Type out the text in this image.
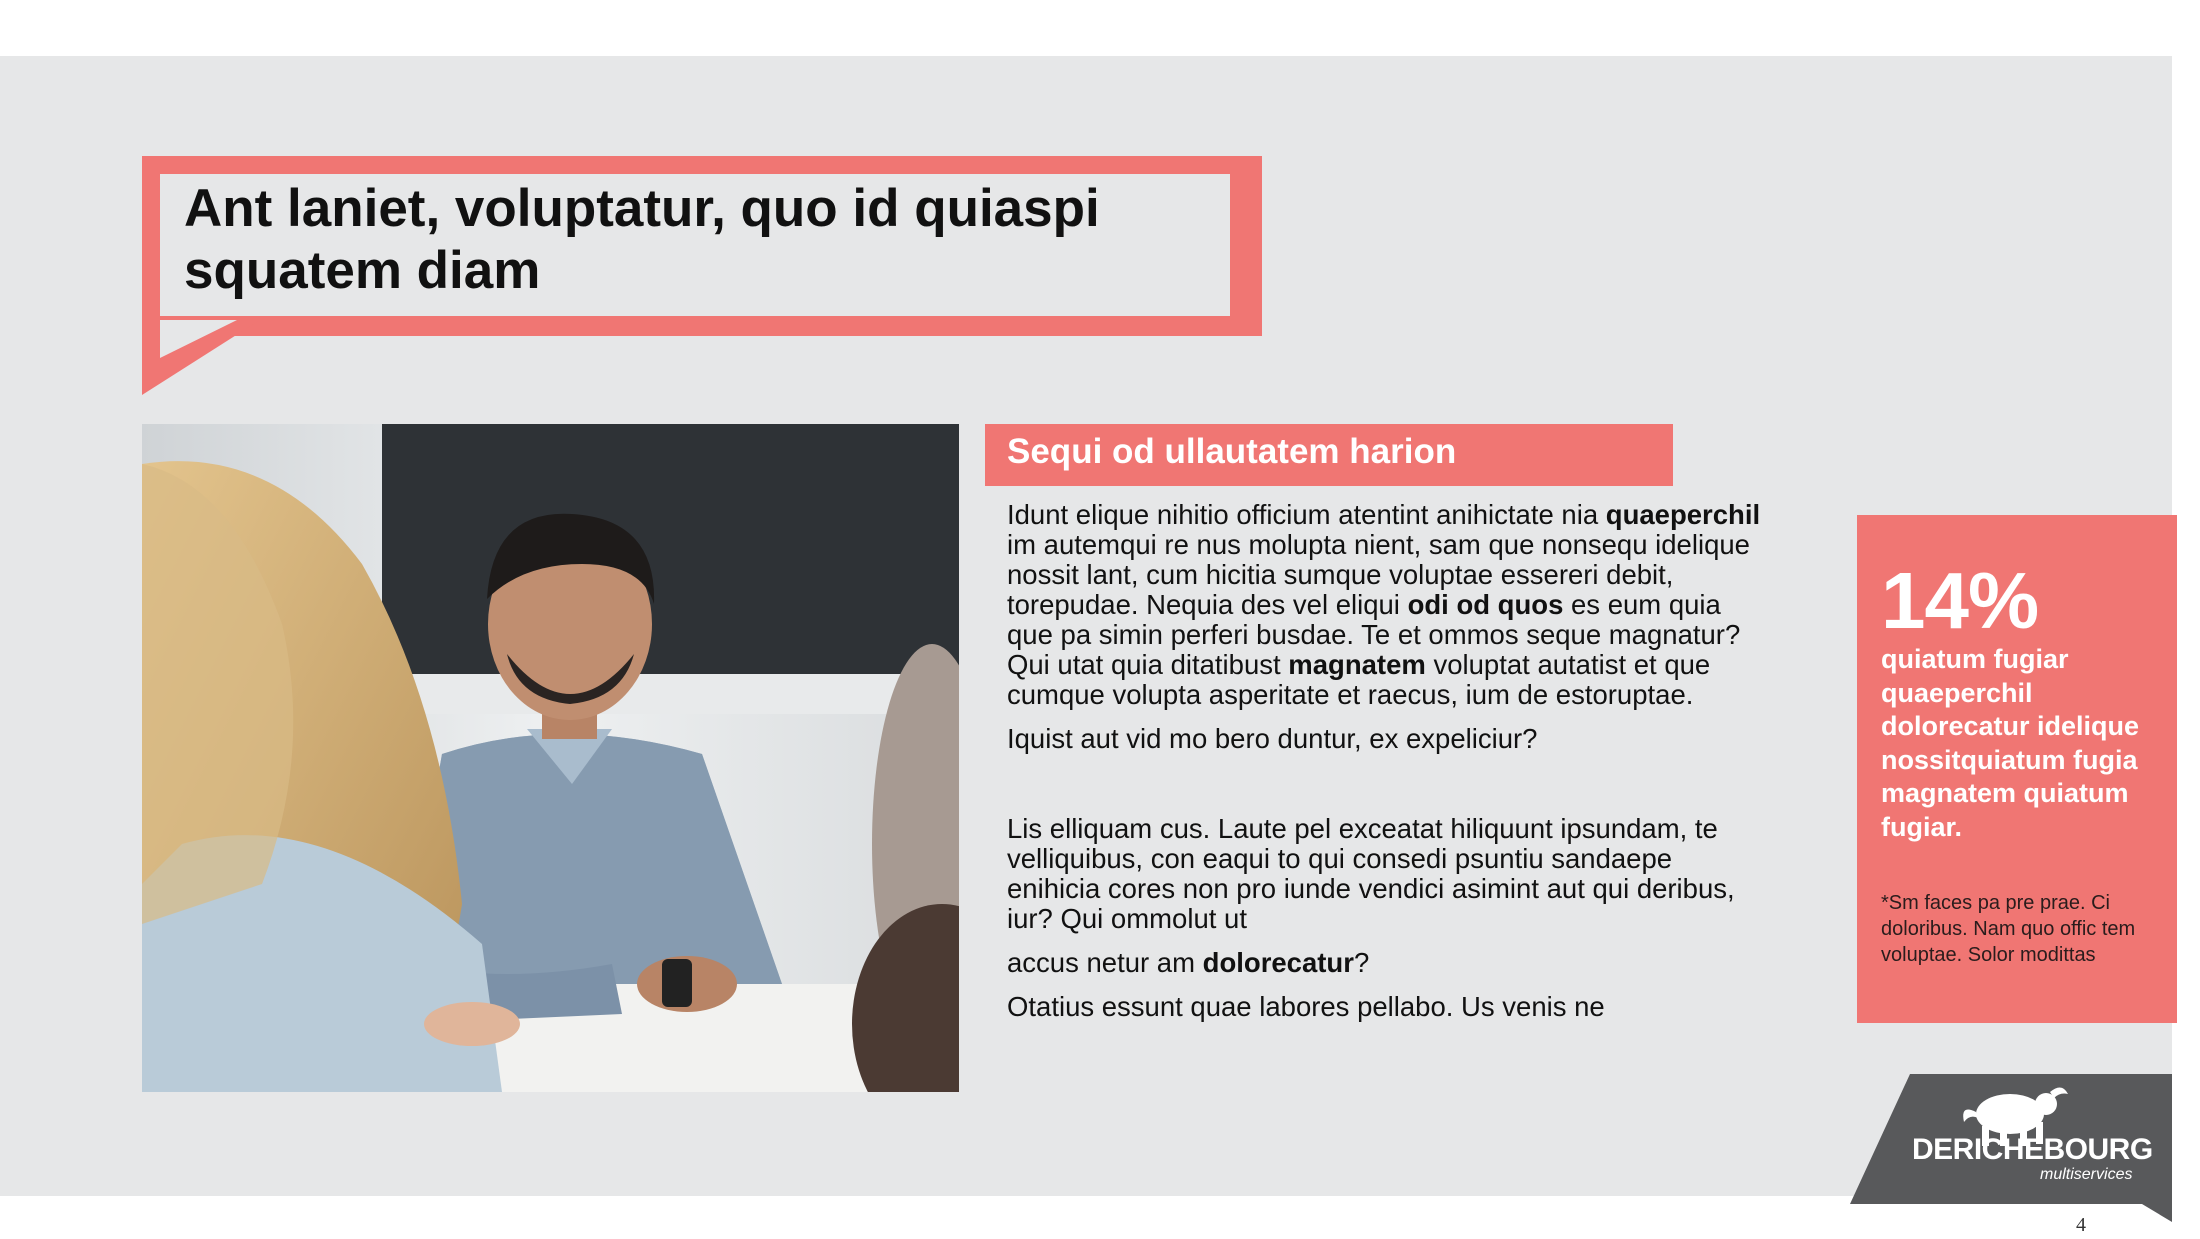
Ant laniet, voluptatur, quo id quiaspi squatem diam
Sequi od ullautatem harion

Idunt elique nihitio officium atentint anihictate nia quaeperchil im autemqui re nus molupta nient, sam que nonsequ idelique nossit lant, cum hicitia sumque voluptae essereri debit, torepudae. Nequia des vel eliqui odi od quos es eum quia que pa simin perferi busdae. Te et ommos seque magnatur? Qui utat quia ditatibust magnatem voluptat autatist et que cumque volupta asperitate et raecus, ium de estoruptae.

Iquist aut vid mo bero duntur, ex expeliciur?

Lis elliquam cus. Laute pel exceatat hiliquunt ipsundam, te velliquibus, con eaqui to qui consedi psuntiu sandaepe enihicia cores non pro iunde vendici asimint aut qui deribus, iur? Qui ommolut ut

accus netur am dolorecatur?

Otatius essunt quae labores pellabo. Us venis ne

14%
quiatum fugiar quaeperchil dolorecatur idelique nossitquiatum fugia magnatem quiatum fugiar.
*Sm faces pa pre prae. Ci doloribus. Nam quo offic tem voluptae. Solor modittas
DERICHEBOURG
multiservices
4
